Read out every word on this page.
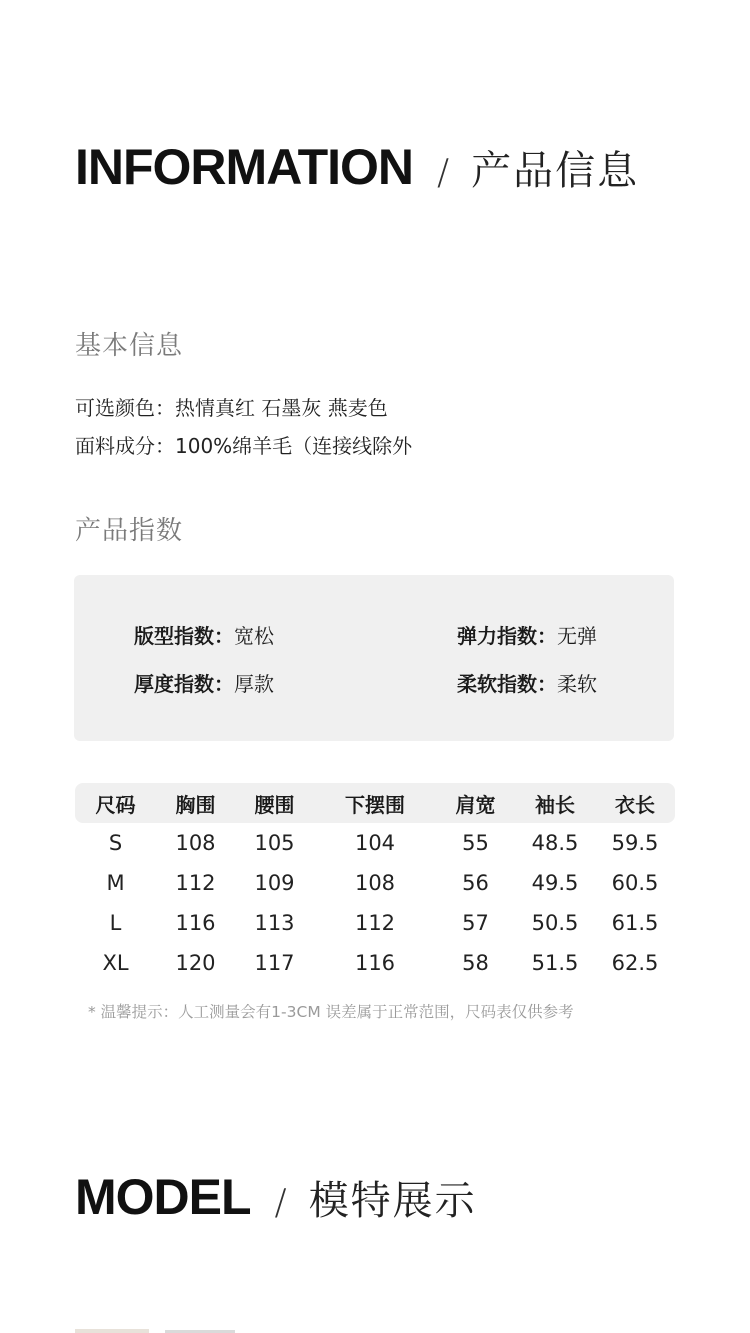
INFORMATION / 产品信息
基本信息
可选颜色：热情真红 石墨灰 燕麦色
面料成分：100%绵羊毛（连接线除外
产品指数
版型指数：宽松	弹力指数：无弹
厚度指数：厚款	柔软指数：柔软
尺码	胸围	腰围	下摆围	肩宽	袖长	衣长
S	108	105	104	55	48.5	59.5
M	112	109	108	56	49.5	60.5
L	116	113	112	57	50.5	61.5
XL	120	117	116	58	51.5	62.5
* 温馨提示：人工测量会有1-3CM 误差属于正常范围，尺码表仅供参考
MODEL / 模特展示
